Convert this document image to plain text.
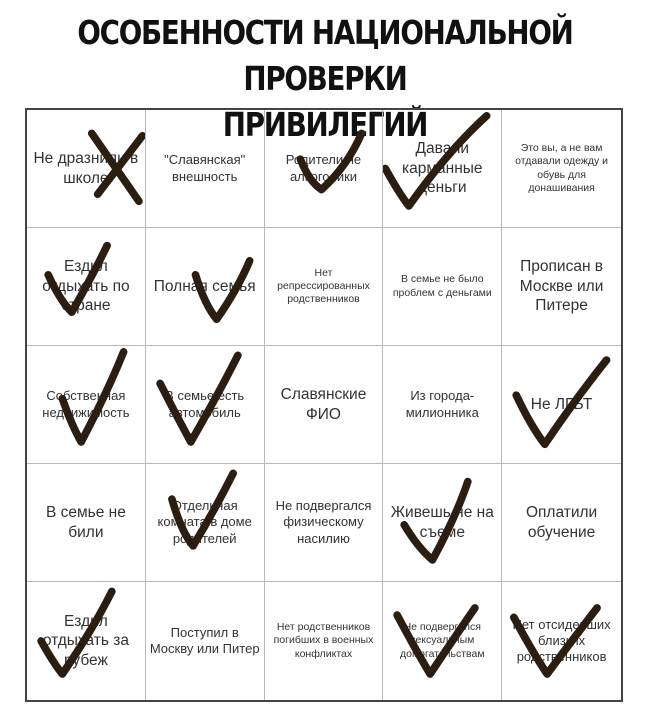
ОСОБЕННОСТИ НАЦИОНАЛЬНОЙ ПРОВЕРКИ
ПРИВИЛЕГИЙ
Не дразнили в школе
"Славянская" внешность
Родители не алкоголики
Давали карманные деньги
Это вы, а не вам отдавали одежду и обувь для донашивания
Ездил отдыхать по стране
Полная семья
Нет репрессированных родственников
В семье не было проблем с деньгами
Прописан в Москве или Питере
Собственная недвижимость
В семье есть автомобиль
Славянские ФИО
Из города-милионника	Не ЛГБТ
В семье не били
Отдельная комната в доме родителей
Не подвергался физическому насилию
Живешь не на съеме
Оплатили обучение
Ездил отдыхать за рубеж
Поступил в Москву или Питер
Нет родственников погибших в военных конфликтах
Не подвергался сексуальным домогательствам
Нет отсидевших близких родственников
